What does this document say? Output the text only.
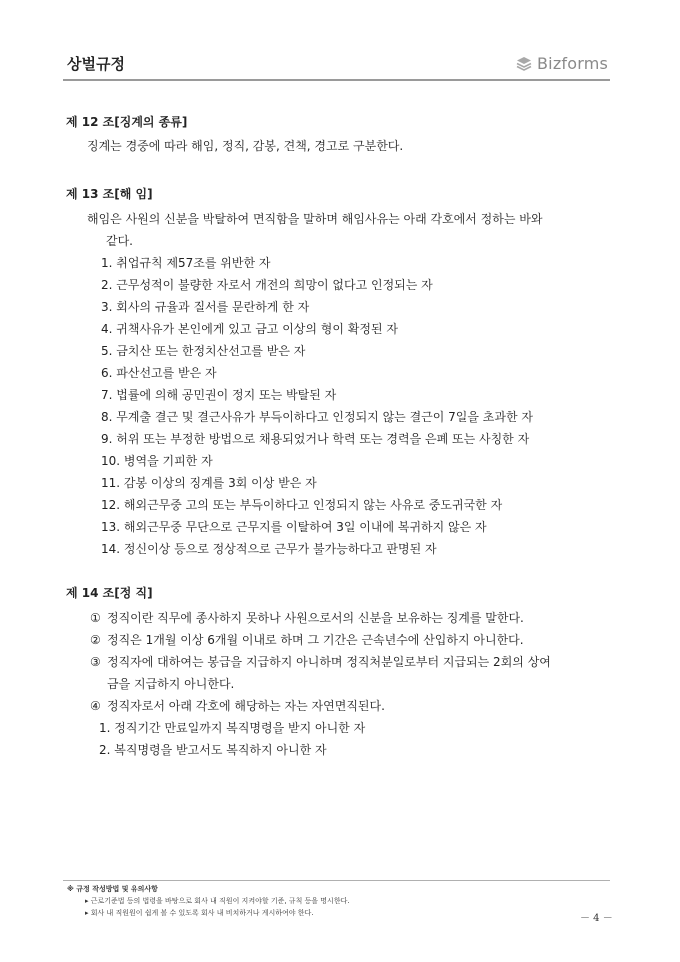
상벌규정	Bizforms

제 12 조[징계의 종류]

징계는 경중에 따라 해임, 정직, 감봉, 견책, 경고로 구분한다.

제 13 조[해 임]

해임은 사원의 신분을 박탈하여 면직함을 말하며 해임사유는 아래 각호에서 정하는 바와

같다.

1. 취업규칙 제57조를 위반한 자
2. 근무성적이 불량한 자로서 개전의 희망이 없다고 인정되는 자
3. 회사의 규율과 질서를 문란하게 한 자
4. 귀책사유가 본인에게 있고 금고 이상의 형이 확정된 자
5. 금치산 또는 한정치산선고를 받은 자
6. 파산선고를 받은 자
7. 법률에 의해 공민권이 정지 또는 박탈된 자
8. 무계출 결근 및 결근사유가 부득이하다고 인정되지 않는 결근이 7일을 초과한 자
9. 허위 또는 부정한 방법으로 채용되었거나 학력 또는 경력을 은폐 또는 사칭한 자
10. 병역을 기피한 자
11. 감봉 이상의 징계를 3회 이상 받은 자
12. 해외근무중 고의 또는 부득이하다고 인정되지 않는 사유로 중도귀국한 자
13. 해외근무중 무단으로 근무지를 이탈하여 3일 이내에 복귀하지 않은 자
14. 정신이상 등으로 정상적으로 근무가 불가능하다고 판명된 자

제 14 조[정 직]

① 정직이란 직무에 종사하지 못하나 사원으로서의 신분을 보유하는 징계를 말한다.
② 정직은 1개월 이상 6개월 이내로 하며 그 기간은 근속년수에 산입하지 아니한다.
③ 정직자에 대하여는 봉급을 지급하지 아니하며 정직처분일로부터 지급되는 2회의 상여

금을 지급하지 아니한다.

④ 정직자로서 아래 각호에 해당하는 자는 자연면직된다.
1. 정직기간 만료일까지 복직명령을 받지 아니한 자
2. 복직명령을 받고서도 복직하지 아니한 자
※ 규정 작성방법 및 유의사항
▸ 근로기준법 등의 법령을 바탕으로 회사 내 직원이 지켜야할 기준, 규칙 등을 명시한다.
▸ 회사 내 직원원이 쉽게 볼 수 있도록 회사 내 비치하거나 게시하여야 한다.	－ 4 －
